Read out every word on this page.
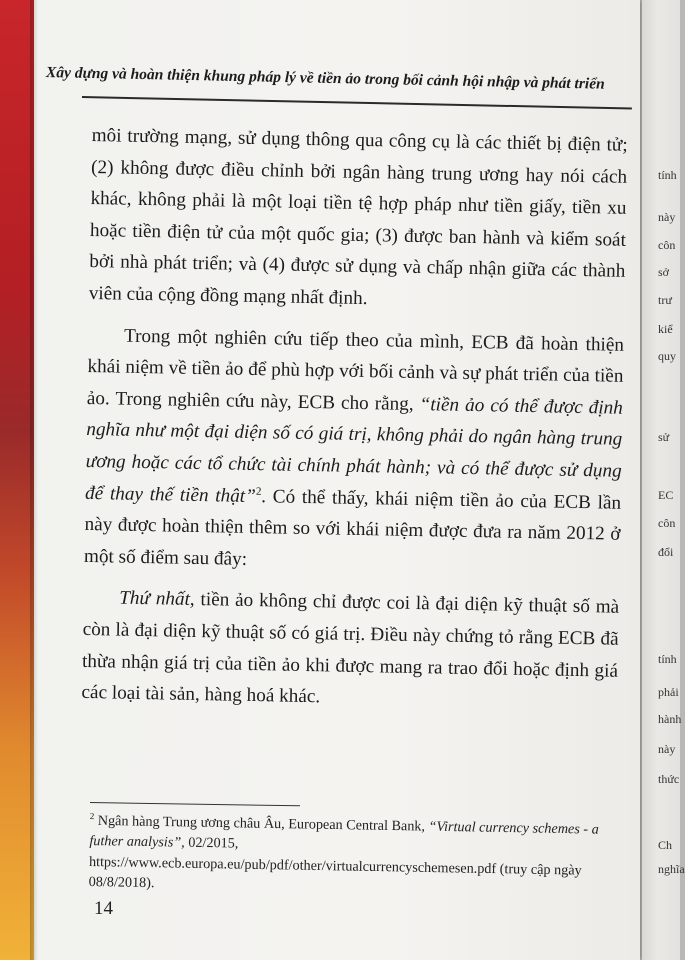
tính
này
côn
sở
trư
kiể
quy
sử
EC
côn
đổi
tính
phải
hành
này
thức
Ch
nghĩa
Xây dựng và hoàn thiện khung pháp lý về tiền ảo trong bối cảnh hội nhập và phát triển

môi trường mạng, sử dụng thông qua công cụ là các thiết bị điện tử; (2) không được điều chỉnh bởi ngân hàng trung ương hay nói cách khác, không phải là một loại tiền tệ hợp pháp như tiền giấy, tiền xu hoặc tiền điện tử của một quốc gia; (3) được ban hành và kiểm soát bởi nhà phát triển; và (4) được sử dụng và chấp nhận giữa các thành viên của cộng đồng mạng nhất định.

Trong một nghiên cứu tiếp theo của mình, ECB đã hoàn thiện khái niệm về tiền ảo để phù hợp với bối cảnh và sự phát triển của tiền ảo. Trong nghiên cứu này, ECB cho rằng, “tiền ảo có thể được định nghĩa như một đại diện số có giá trị, không phải do ngân hàng trung ương hoặc các tổ chức tài chính phát hành; và có thể được sử dụng để thay thế tiền thật”$^2$. Có thể thấy, khái niệm tiền ảo của ECB lần này được hoàn thiện thêm so với khái niệm được đưa ra năm 2012 ở một số điểm sau đây:

Thứ nhất, tiền ảo không chỉ được coi là đại diện kỹ thuật số mà còn là đại diện kỹ thuật số có giá trị. Điều này chứng tỏ rằng ECB đã thừa nhận giá trị của tiền ảo khi được mang ra trao đổi hoặc định giá các loại tài sản, hàng hoá khác.

$^2$ Ngân hàng Trung ương châu Âu, European Central Bank, “Virtual currency schemes - a futher analysis”, 02/2015, https://www.ecb.europa.eu/pub/pdf/other/virtualcurrencyschemesen.pdf (truy cập ngày 08/8/2018).
14
